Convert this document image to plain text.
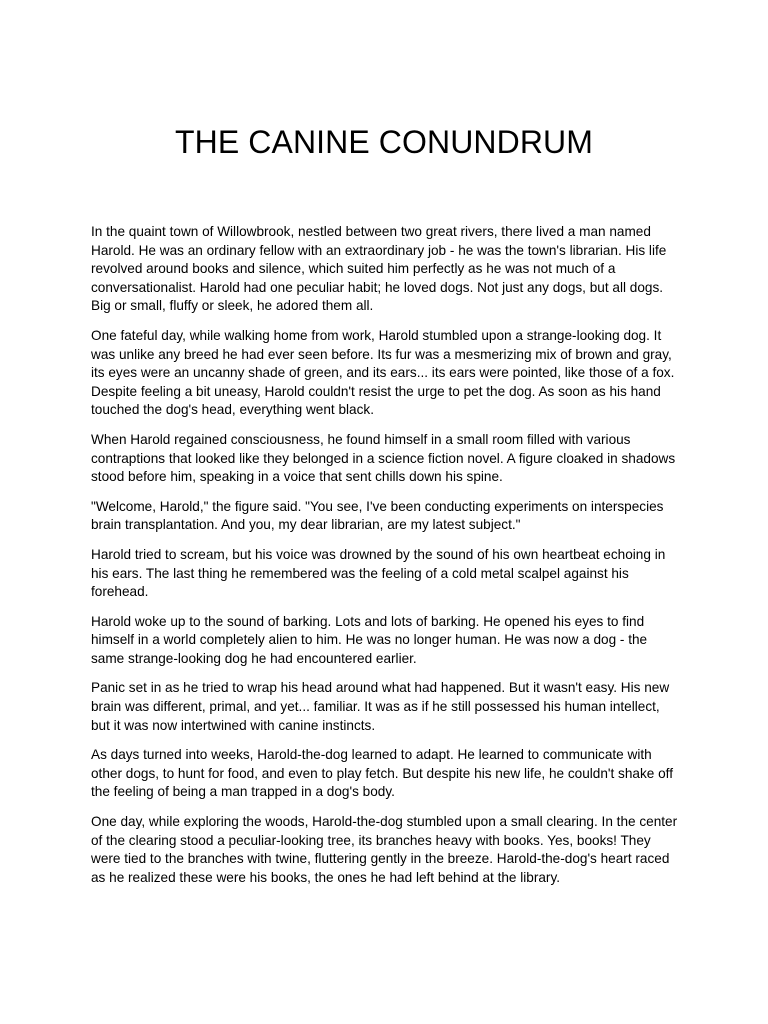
THE CANINE CONUNDRUM

In the quaint town of Willowbrook, nestled between two great rivers, there lived a man named Harold. He was an ordinary fellow with an extraordinary job - he was the town's librarian. His life revolved around books and silence, which suited him perfectly as he was not much of a conversationalist. Harold had one peculiar habit; he loved dogs. Not just any dogs, but all dogs. Big or small, fluffy or sleek, he adored them all.

One fateful day, while walking home from work, Harold stumbled upon a strange-looking dog. It was unlike any breed he had ever seen before. Its fur was a mesmerizing mix of brown and gray, its eyes were an uncanny shade of green, and its ears... its ears were pointed, like those of a fox. Despite feeling a bit uneasy, Harold couldn't resist the urge to pet the dog. As soon as his hand touched the dog's head, everything went black.

When Harold regained consciousness, he found himself in a small room filled with various contraptions that looked like they belonged in a science fiction novel. A figure cloaked in shadows stood before him, speaking in a voice that sent chills down his spine.

"Welcome, Harold," the figure said. "You see, I've been conducting experiments on interspecies brain transplantation. And you, my dear librarian, are my latest subject."

Harold tried to scream, but his voice was drowned by the sound of his own heartbeat echoing in his ears. The last thing he remembered was the feeling of a cold metal scalpel against his forehead.

Harold woke up to the sound of barking. Lots and lots of barking. He opened his eyes to find himself in a world completely alien to him. He was no longer human. He was now a dog - the same strange-looking dog he had encountered earlier.

Panic set in as he tried to wrap his head around what had happened. But it wasn't easy. His new brain was different, primal, and yet... familiar. It was as if he still possessed his human intellect, but it was now intertwined with canine instincts.

As days turned into weeks, Harold-the-dog learned to adapt. He learned to communicate with other dogs, to hunt for food, and even to play fetch. But despite his new life, he couldn't shake off the feeling of being a man trapped in a dog's body.

One day, while exploring the woods, Harold-the-dog stumbled upon a small clearing. In the center of the clearing stood a peculiar-looking tree, its branches heavy with books. Yes, books! They were tied to the branches with twine, fluttering gently in the breeze. Harold-the-dog's heart raced as he realized these were his books, the ones he had left behind at the library.
